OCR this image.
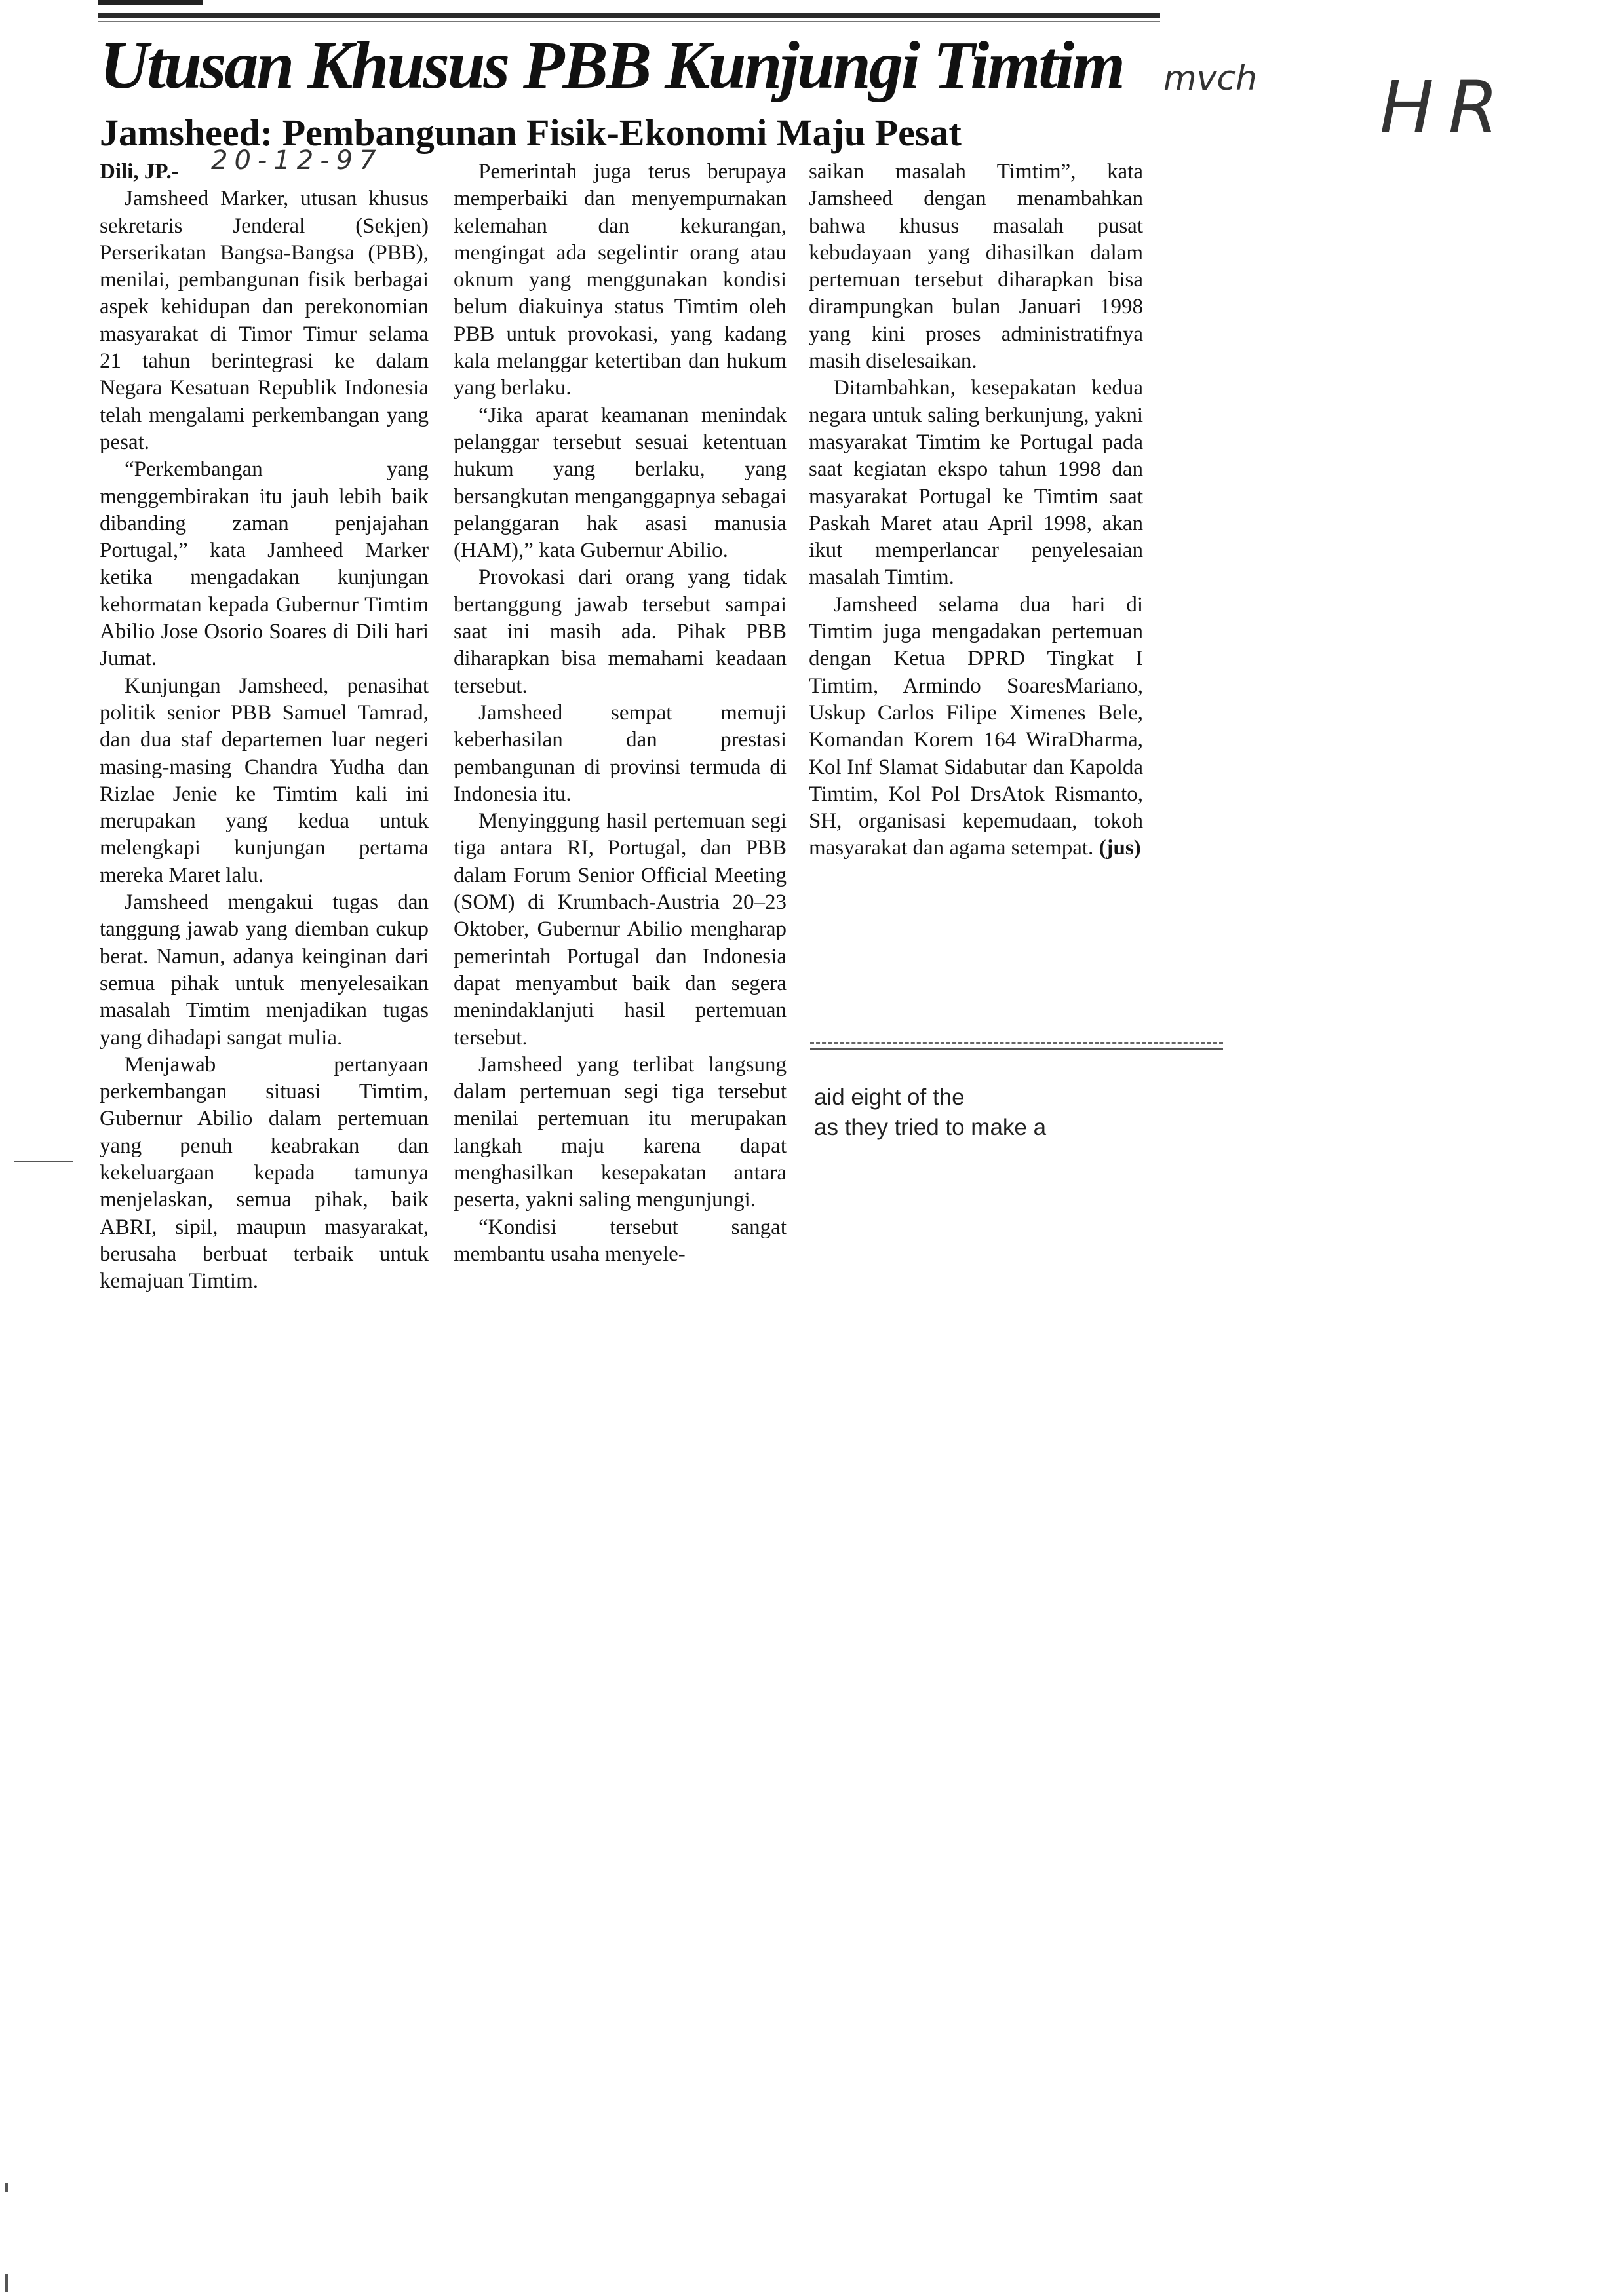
Utusan Khusus PBB Kunjungi Timtim
Jamsheed: Pembangunan Fisik-Ekonomi Maju Pesat
20-12-97
mvch HR

Dili, JP.-

Jamsheed Marker, utusan khusus sekretaris Jenderal (Sekjen) Perserikatan Bangsa-Bangsa (PBB), menilai, pembangunan fisik berbagai aspek kehidupan dan perekonomian masyarakat di Timor Timur selama 21 tahun berintegrasi ke dalam Negara Kesatuan Republik Indonesia telah mengalami perkembangan yang pesat.

“Perkembangan yang menggembirakan itu jauh lebih baik dibanding zaman penjajahan Portugal,” kata Jamheed Marker ketika mengadakan kunjungan kehormatan kepada Gubernur Timtim Abilio Jose Osorio Soares di Dili hari Jumat.

Kunjungan Jamsheed, penasihat politik senior PBB Samuel Tamrad, dan dua staf departemen luar negeri masing-masing Chandra Yudha dan Rizlae Jenie ke Timtim kali ini merupakan yang kedua untuk melengkapi kunjungan pertama mereka Maret lalu.

Jamsheed mengakui tugas dan tanggung jawab yang diemban cukup berat. Namun, adanya keinginan dari semua pihak untuk menyelesaikan masalah Timtim menjadikan tugas yang dihadapi sangat mulia.

Menjawab pertanyaan perkembangan situasi Timtim, Gubernur Abilio dalam pertemuan yang penuh keabrakan dan kekeluargaan kepada tamunya menjelaskan, semua pihak, baik ABRI, sipil, maupun masyarakat, berusaha berbuat terbaik untuk kemajuan Timtim.

Pemerintah juga terus berupaya memperbaiki dan menyempurnakan kelemahan dan kekurangan, mengingat ada segelintir orang atau oknum yang menggunakan kondisi belum diakuinya status Timtim oleh PBB untuk provokasi, yang kadang kala melanggar ketertiban dan hukum yang berlaku.

“Jika aparat keamanan menindak pelanggar tersebut sesuai ketentuan hukum yang berlaku, yang bersangkutan menganggapnya sebagai pelanggaran hak asasi manusia (HAM),” kata Gubernur Abilio.

Provokasi dari orang yang tidak bertanggung jawab tersebut sampai saat ini masih ada. Pihak PBB diharapkan bisa memahami keadaan tersebut.

Jamsheed sempat memuji keberhasilan dan prestasi pembangunan di provinsi termuda di Indonesia itu.

Menyinggung hasil pertemuan segi tiga antara RI, Portugal, dan PBB dalam Forum Senior Official Meeting (SOM) di Krumbach-Austria 20–23 Oktober, Gubernur Abilio mengharap pemerintah Portugal dan Indonesia dapat menyambut baik dan segera menindaklanjuti hasil pertemuan tersebut.

Jamsheed yang terlibat langsung dalam pertemuan segi tiga tersebut menilai pertemuan itu merupakan langkah maju karena dapat menghasilkan kesepakatan antara peserta, yakni saling mengunjungi.

“Kondisi tersebut sangat membantu usaha menyele-

saikan masalah Timtim”, kata Jamsheed dengan menambahkan bahwa khusus masalah pusat kebudayaan yang dihasilkan dalam pertemuan tersebut diharapkan bisa dirampungkan bulan Januari 1998 yang kini proses administratifnya masih diselesaikan.

Ditambahkan, kesepakatan kedua negara untuk saling berkunjung, yakni masyarakat Timtim ke Portugal pada saat kegiatan ekspo tahun 1998 dan masyarakat Portugal ke Timtim saat Paskah Maret atau April 1998, akan ikut memperlancar penyelesaian masalah Timtim.

Jamsheed selama dua hari di Timtim juga mengadakan pertemuan dengan Ketua DPRD Tingkat I Timtim, Armindo SoaresMariano, Uskup Carlos Filipe Ximenes Bele, Komandan Korem 164 WiraDharma, Kol Inf Slamat Sidabutar dan Kapolda Timtim, Kol Pol DrsAtok Rismanto, SH, organisasi kepemudaan, tokoh masyarakat dan agama setempat. (jus)

aid eight of the
as they tried to make a
